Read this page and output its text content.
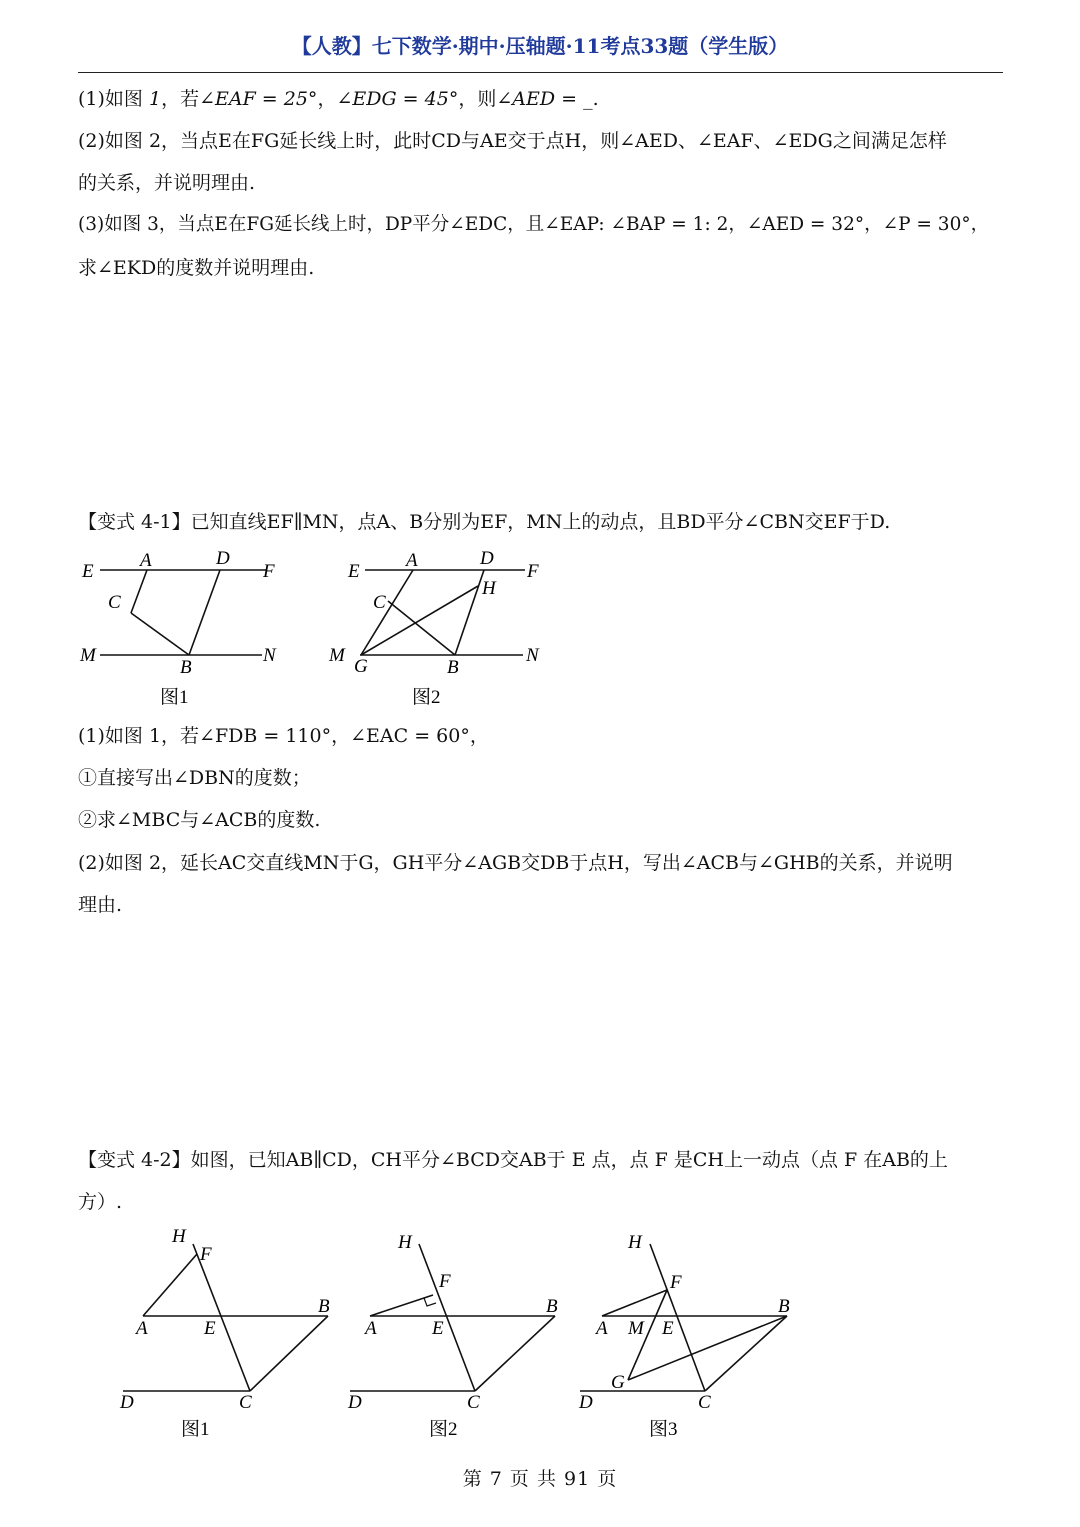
【人教】七下数学·期中·压轴题·11考点33题（学生版）
(1)如图 1，若∠EAF = 25°，∠EDG = 45°，则∠AED = _.
(2)如图 2，当点E在FG延长线上时，此时CD与AE交于点H，则∠AED、∠EAF、∠EDG之间满足怎样
的关系，并说明理由.
(3)如图 3，当点E在FG延长线上时，DP平分∠EDC，且∠EAP: ∠BAP = 1: 2，∠AED = 32°，∠P = 30°，
求∠EKD的度数并说明理由.
【变式 4-1】已知直线EF∥MN，点A、B分别为EF，MN上的动点，且BD平分∠CBN交EF于D.
E
A	D
F
C
M
B
N
图1
E
A	D
F
C
H
M
G	B
N
图2
(1)如图 1，若∠FDB = 110°，∠EAC = 60°，
①直接写出∠DBN的度数；
②求∠MBC与∠ACB的度数.
(2)如图 2，延长AC交直线MN于G，GH平分∠AGB交DB于点H，写出∠ACB与∠GHB的关系，并说明
理由.
【变式 4-2】如图，已知AB∥CD，CH平分∠BCD交AB于 E 点，点 F 是CH上一动点（点 F 在AB的上
方）.
H
F
B
A	E
D	C
图1
H
F
B
A	E
D	C
图2
H
F
B
A M E
G
D	C
图3
第 7 页 共 91 页
